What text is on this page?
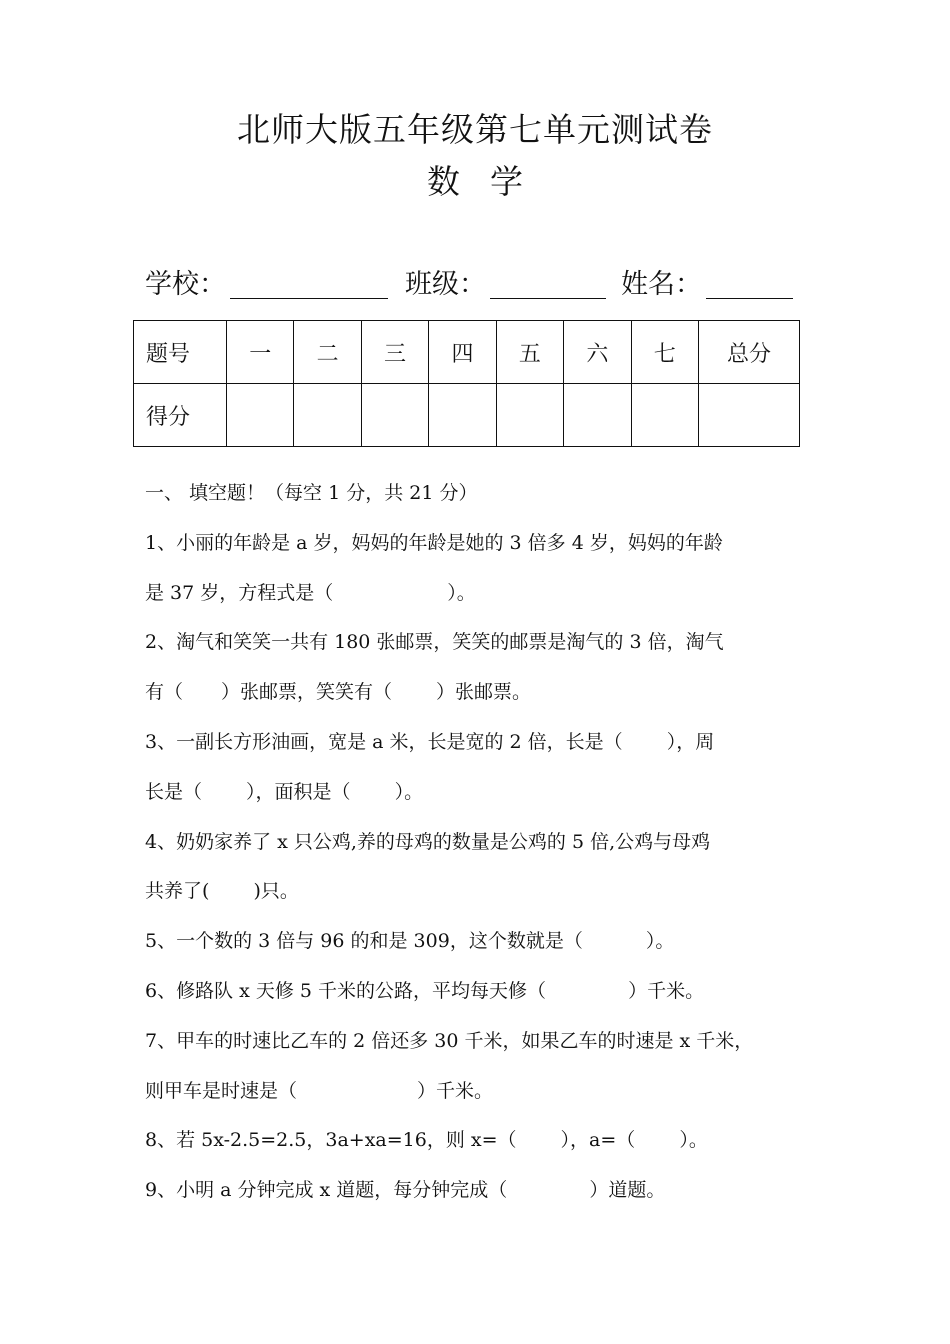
北师大版五年级第七单元测试卷
数学
学校：	班级：	姓名：
题号	一	二	三	四	五	六	七	总分
得分								
一、 填空题！（每空 1 分，共 21 分）
1、小丽的年龄是 a 岁，妈妈的年龄是她的 3 倍多 4 岁，妈妈的年龄
是 37 岁，方程式是（　　　　　　）。
2、淘气和笑笑一共有 180 张邮票，笑笑的邮票是淘气的 3 倍，淘气
有（　　）张邮票，笑笑有（　　 ）张邮票。
3、一副长方形油画，宽是 a 米，长是宽的 2 倍，长是（　　 ），周
长是（　　 ），面积是（　　 ）。
4、奶奶家养了 x 只公鸡,养的母鸡的数量是公鸡的 5 倍,公鸡与母鸡
共养了(　　 )只。
5、一个数的 3 倍与 96 的和是 309，这个数就是（　　　 ）。
6、修路队 x 天修 5 千米的公路，平均每天修（　　　　 ）千米。
7、甲车的时速比乙车的 2 倍还多 30 千米，如果乙车的时速是 x 千米，
则甲车是时速是（　　　　　　 ）千米。
8、若 5x-2.5=2.5，3a+xa=16，则 x=（　　 ），a=（　　 ）。
9、小明 a 分钟完成 x 道题，每分钟完成（　　　　 ）道题。
